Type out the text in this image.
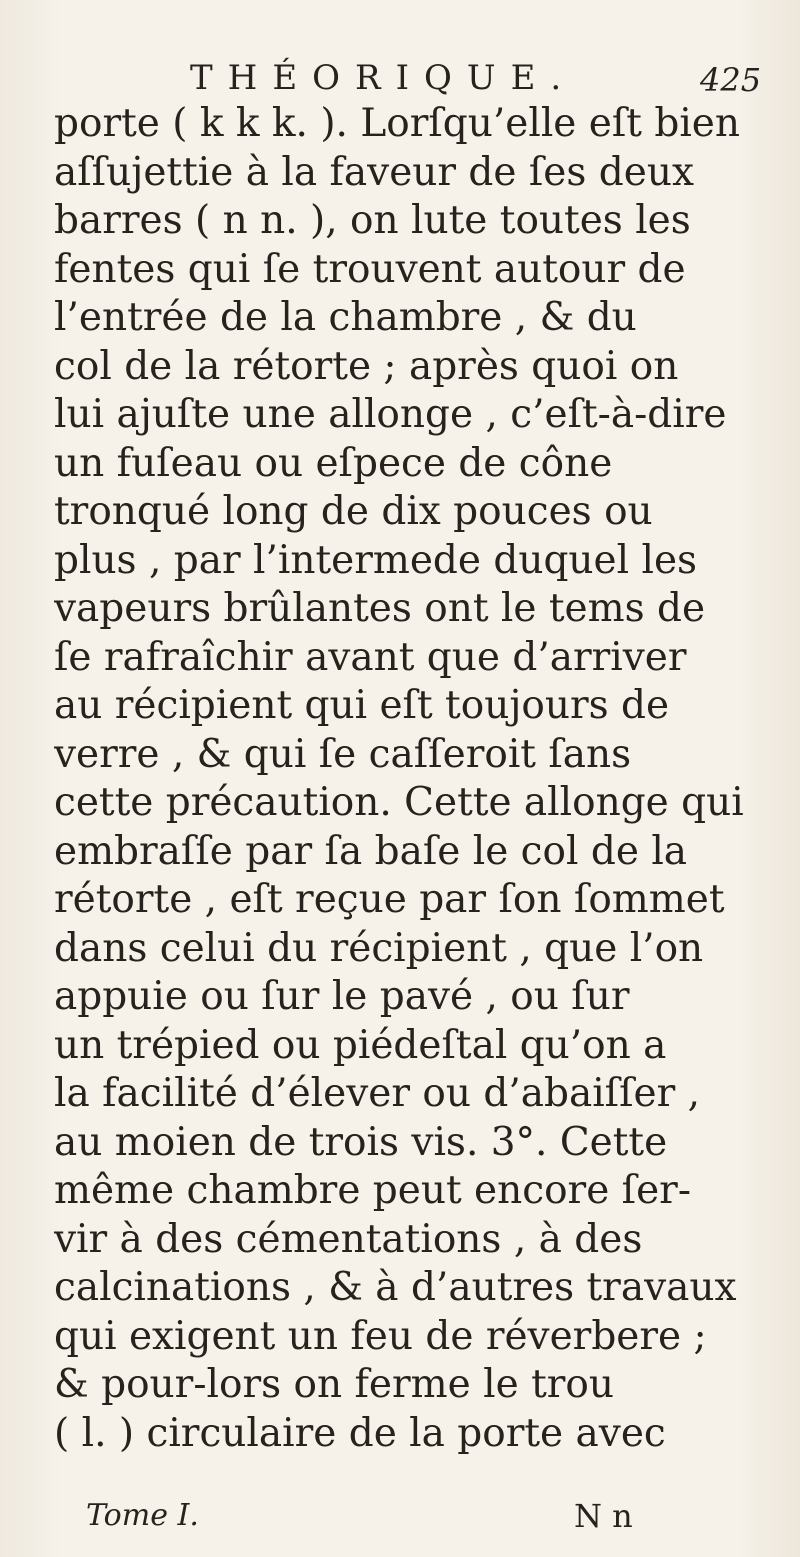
THÉORIQUE.	425
porte ( k k k. ). Lorſqu’elle eſt bien
aſſujettie à la faveur de ſes deux
barres ( n n. ), on lute toutes les
fentes qui ſe trouvent autour de
l’entrée de la chambre , & du
col de la rétorte ; après quoi on
lui ajuſte une allonge , c’eſt-à-dire
un fuſeau ou eſpece de cône
tronqué long de dix pouces ou
plus , par l’intermede duquel les
vapeurs brûlantes ont le tems de
ſe rafraîchir avant que d’arriver
au récipient qui eſt toujours de
verre , & qui ſe caſſeroit ſans
cette précaution. Cette allonge qui
embraſſe par ſa baſe le col de la
rétorte , eſt reçue par ſon ſommet
dans celui du récipient , que l’on
appuie ou ſur le pavé , ou ſur
un trépied ou piédeſtal qu’on a
la facilité d’élever ou d’abaiſſer ,
au moien de trois vis. 3°. Cette
même chambre peut encore ſer-
vir à des cémentations , à des
calcinations , & à d’autres travaux
qui exigent un feu de réverbere ;
& pour-lors on ferme le trou
( l. ) circulaire de la porte avec
Tome I.	N n
